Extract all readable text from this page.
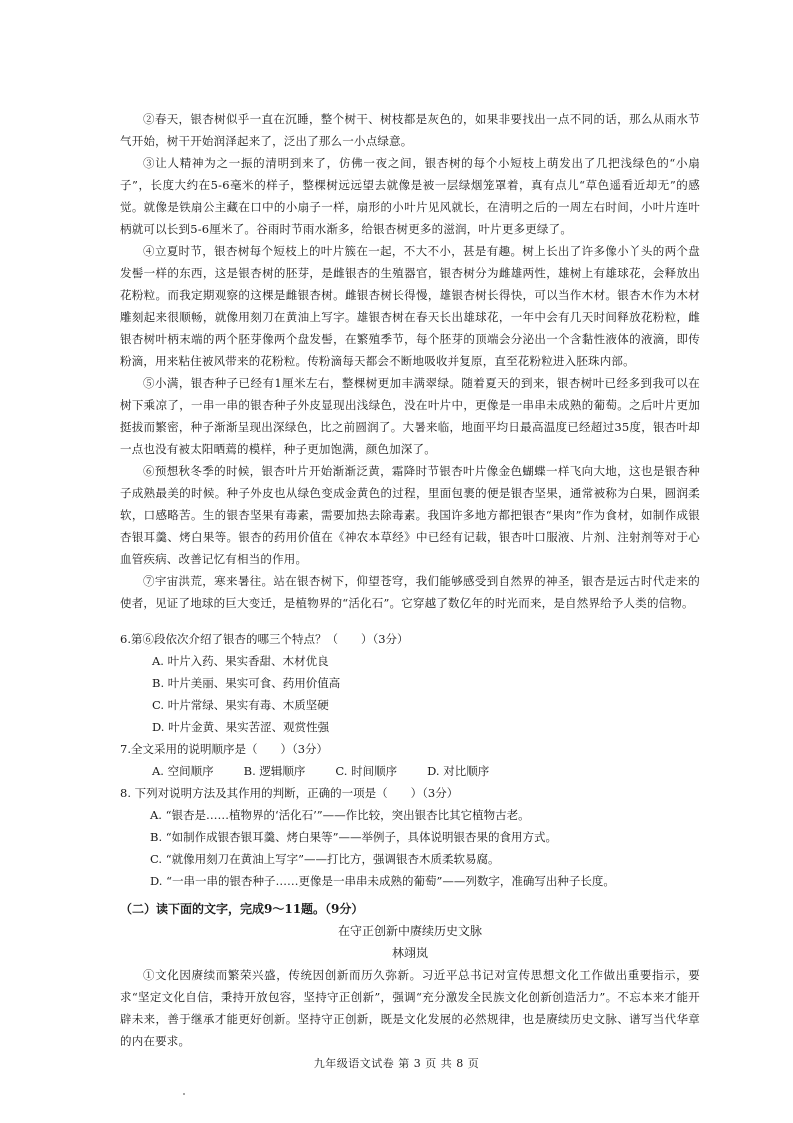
②春天，银杏树似乎一直在沉睡，整个树干、树枝都是灰色的，如果非要找出一点不同的话，那么从雨水节气开始，树干开始润泽起来了，泛出了那么一小点绿意。

③让人精神为之一振的清明到来了，仿佛一夜之间，银杏树的每个小短枝上萌发出了几把浅绿色的“小扇子”，长度大约在5-6毫米的样子，整棵树远远望去就像是被一层绿烟笼罩着，真有点儿“草色遥看近却无”的感觉。就像是铁扇公主藏在口中的小扇子一样，扇形的小叶片见风就长，在清明之后的一周左右时间，小叶片连叶柄就可以长到5-6厘米了。谷雨时节雨水渐多，给银杏树更多的滋润，叶片更多更绿了。

④立夏时节，银杏树每个短枝上的叶片簇在一起，不大不小，甚是有趣。树上长出了许多像小丫头的两个盘发髻一样的东西，这是银杏树的胚芽，是雌银杏的生殖器官，银杏树分为雌雄两性，雄树上有雄球花，会释放出花粉粒。而我定期观察的这棵是雌银杏树。雌银杏树长得慢，雄银杏树长得快，可以当作木材。银杏木作为木材雕刻起来很顺畅，就像用刻刀在黄油上写字。雄银杏树在春天长出雄球花，一年中会有几天时间释放花粉粒，雌银杏树叶柄末端的两个胚芽像两个盘发髻，在繁殖季节，每个胚芽的顶端会分泌出一个含黏性液体的液滴，即传粉滴，用来粘住被风带来的花粉粒。传粉滴每天都会不断地吸收并复原，直至花粉粒进入胚珠内部。

⑤小满，银杏种子已经有1厘米左右，整棵树更加丰满翠绿。随着夏天的到来，银杏树叶已经多到我可以在树下乘凉了，一串一串的银杏种子外皮显现出浅绿色，没在叶片中，更像是一串串未成熟的葡萄。之后叶片更加挺拔而繁密，种子渐渐呈现出深绿色，比之前圆润了。大暑来临，地面平均日最高温度已经超过35度，银杏叶却一点也没有被太阳晒蔫的模样，种子更加饱满，颜色加深了。

⑥预想秋冬季的时候，银杏叶片开始渐渐泛黄，霜降时节银杏叶片像金色蝴蝶一样飞向大地，这也是银杏种子成熟最美的时候。种子外皮也从绿色变成金黄色的过程，里面包裹的便是银杏坚果，通常被称为白果，圆润柔软，口感略苦。生的银杏坚果有毒素，需要加热去除毒素。我国许多地方都把银杏“果肉”作为食材，如制作成银杏银耳羹、烤白果等。银杏的药用价值在《神农本草经》中已经有记载，银杏叶口服液、片剂、注射剂等对于心血管疾病、改善记忆有相当的作用。

⑦宇宙洪荒，寒来暑往。站在银杏树下，仰望苍穹，我们能够感受到自然界的神圣，银杏是远古时代走来的使者，见证了地球的巨大变迁，是植物界的“活化石”。它穿越了数亿年的时光而来，是自然界给予人类的信物。

6.第⑥段依次介绍了银杏的哪三个特点？（　　）（3分）

A. 叶片入药、果实香甜、木材优良

B. 叶片美丽、果实可食、药用价值高

C. 叶片常绿、果实有毒、木质坚硬

D. 叶片金黄、果实苦涩、观赏性强

7.全文采用的说明顺序是（　　）（3分）

A. 空间顺序	B. 逻辑顺序	C. 时间顺序	D. 对比顺序

8. 下列对说明方法及其作用的判断，正确的一项是（　　）（3分）

A. “银杏是……植物界的‘活化石’”——作比较，突出银杏比其它植物古老。

B. “如制作成银杏银耳羹、烤白果等”——举例子，具体说明银杏果的食用方式。

C. “就像用刻刀在黄油上写字”——打比方，强调银杏木质柔软易腐。

D. “一串一串的银杏种子……更像是一串串未成熟的葡萄”——列数字，准确写出种子长度。

（二）读下面的文字，完成9～11题。（9分）

在守正创新中赓续历史文脉

林翊岚

①文化因赓续而繁荣兴盛，传统因创新而历久弥新。习近平总书记对宣传思想文化工作做出重要指示，要求“坚定文化自信，秉持开放包容，坚持守正创新”，强调“充分激发全民族文化创新创造活力”。不忘本来才能开辟未来，善于继承才能更好创新。坚持守正创新，既是文化发展的必然规律，也是赓续历史文脉、谱写当代华章的内在要求。

九年级语文试卷 第 3 页 共 8 页
